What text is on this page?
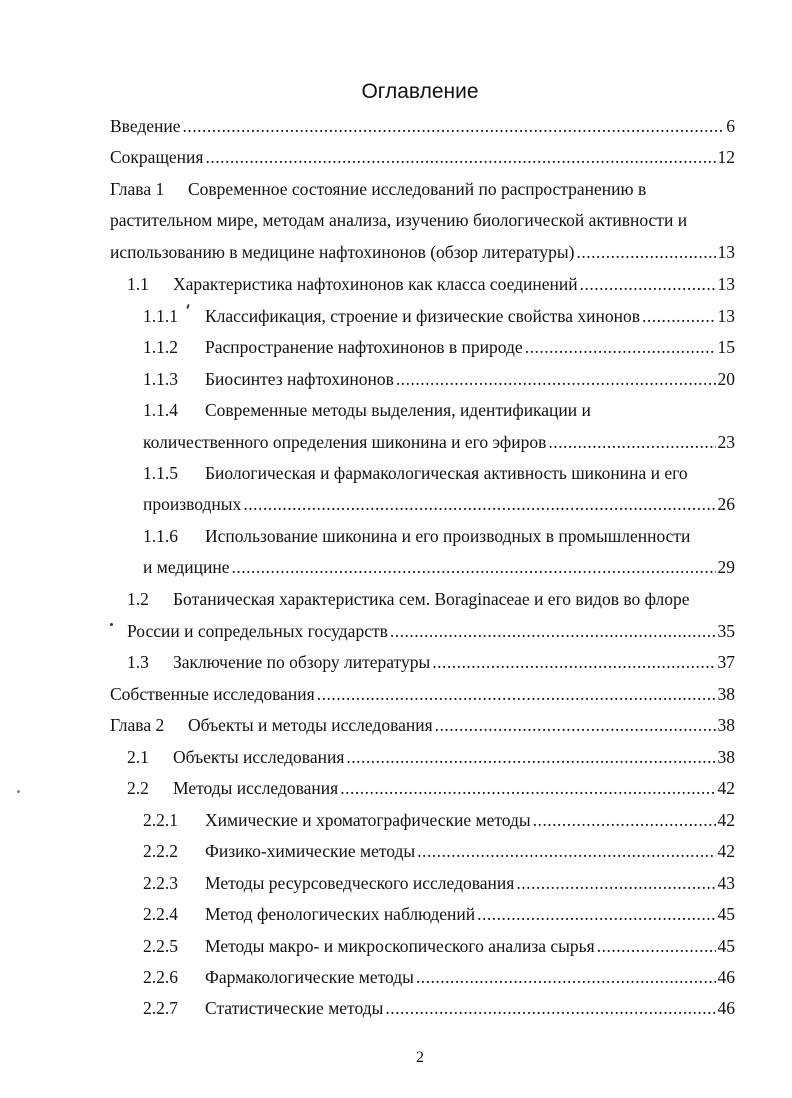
Оглавление
Введение .....	6
Сокращения .....	12
Глава 1	Современное состояние исследований по распространению в
растительном мире, методам анализа, изучению биологической активности и
использованию в медицине нафтохинонов (обзор литературы) .....	13
1.1	Характеристика нафтохинонов как класса соединений .....	13
1.1.1	Классификация, строение и физические свойства хинонов .....	13
1.1.2	Распространение нафтохинонов в природе .....	15
1.1.3	Биосинтез нафтохинонов .....	20
1.1.4	Современные методы выделения, идентификации и
количественного определения шиконина и его эфиров .....	23
1.1.5	Биологическая и фармакологическая активность шиконина и его
производных .....	26
1.1.6	Использование шиконина и его производных в промышленности
и медицине .....	29
1.2	Ботаническая характеристика сем. Boraginaceae и его видов во флоре
России и сопредельных государств .....	35
1.3	Заключение по обзору литературы .....	37
Собственные исследования .....	38
Глава 2	Объекты и методы исследования .....	38
2.1	Объекты исследования .....	38
2.2	Методы исследования .....	42
2.2.1	Химические и хроматографические методы .....	42
2.2.2	Физико-химические методы .....	42
2.2.3	Методы ресурсоведческого исследования .....	43
2.2.4	Метод фенологических наблюдений .....	45
2.2.5	Методы макро- и микроскопического анализа сырья .....	45
2.2.6	Фармакологические методы .....	46
2.2.7	Статистические методы .....	46
2
